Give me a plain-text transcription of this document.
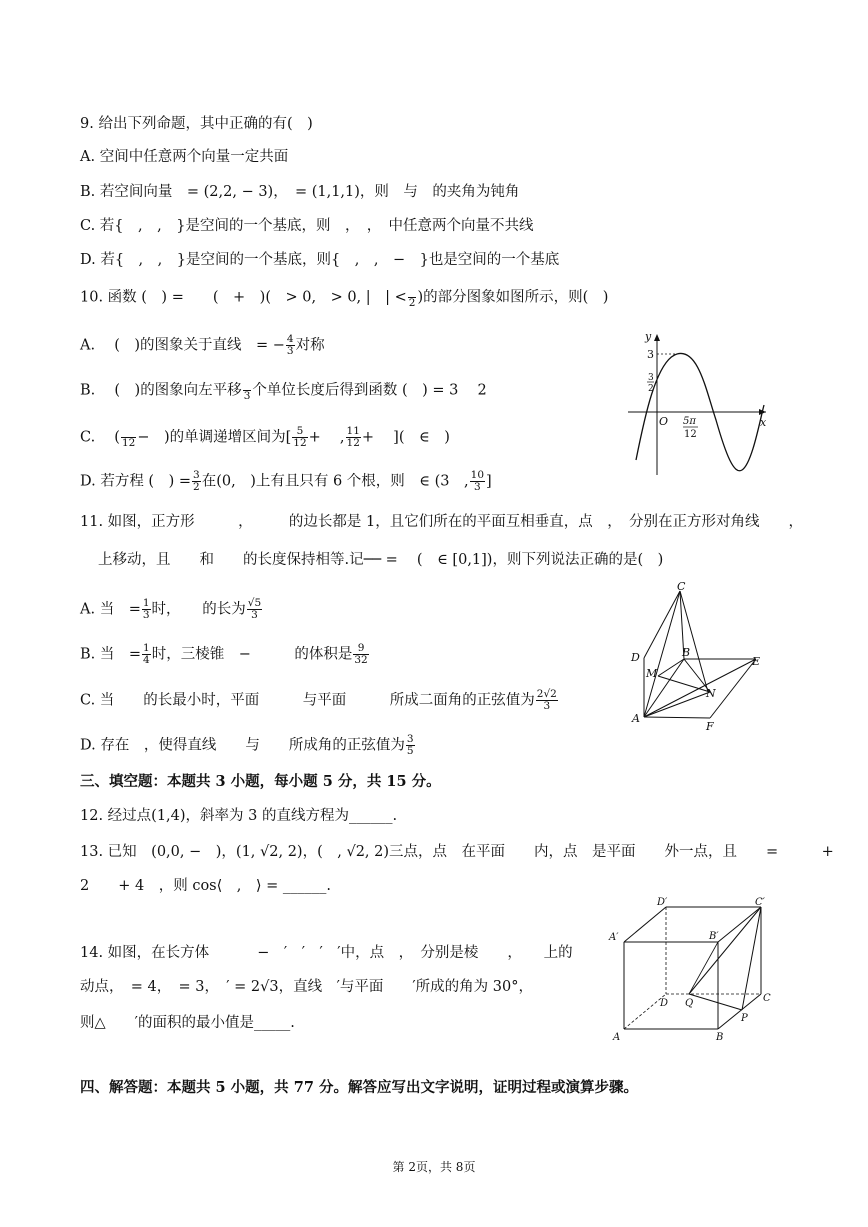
9. 给出下列命题，其中正确的有(　)
A. 空间中任意两个向量一定共面
B. 若空间向量　= (2,2, − 3)，　= (1,1,1)，则　与　的夹角为钝角
C. 若{　,　,　}是空间的一个基底，则　，　，　中任意两个向量不共线
D. 若{　,　,　}是空间的一个基底，则{　,　,　−　}也是空间的一个基底
10. 函数 (　) =　　(　+　)(　> 0,　> 0, |　| <
2 )的部分图象如图所示，则(　)
A. 　(　)的图象关于直线　= − $\frac{4}{3}$ 对称
B. 　(　)的图象向左平移
3 个单位长度后得到函数 (　) = 3　 2
C. 　(
12 −　)的单调递增区间为[ $\frac{5}{12}$ +　 , $\frac{11}{12}$ +　 ](　∈　)
D. 若方程 (　) = $\frac{3}{2}$ 在(0,　)上有且只有 6 个根，则　∈ (3　, $\frac{10}{3}$ ]
y
x
O
3
3
2
5π
12
11. 如图，正方形　　　，　　　的边长都是 1，且它们所在的平面互相垂直，点　，　分别在正方形对角线　　，
上移动，且　　和　　的长度保持相等.记── = 　(　∈ [0,1])，则下列说法正确的是(　)
A. 当　= $\frac{1}{3}$ 时，　　的长为 $\frac{√5}{3}$
B. 当　= $\frac{1}{4}$ 时，三棱锥　−　　　的体积是 $\frac{9}{32}$
C. 当　　的长最小时，平面　　　与平面　　　所成二面角的正弦值为 $\frac{2√2}{3}$
D. 存在　，使得直线　　与　　所成角的正弦值为 $\frac{3}{5}$
C
D	B
E
M
N
A
F
三、填空题：本题共 3 小题，每小题 5 分，共 15 分。
12. 经过点(1,4)，斜率为 3 的直线方程为______.
13. 已知　(0,0, −　)，(1, √2, 2)，(　, √2, 2)三点，点　在平面　　内，点　是平面　　外一点，且　　=　　　+
2　　+ 4　，则 cos⟨　,　⟩ = ______.
14. 如图，在长方体　　　 −　′　′　′　′中，点　，　分别是棱　　，　　上的
动点，　= 4，　= 3，　′ = 2√3，直线　′与平面　　′所成的角为 30°，
则△　　′的面积的最小值是_____.
D′	C′
A′	B′
D Q	C
P
A	B
四、解答题：本题共 5 小题，共 77 分。解答应写出文字说明，证明过程或演算步骤。
第 2页，共 8页
